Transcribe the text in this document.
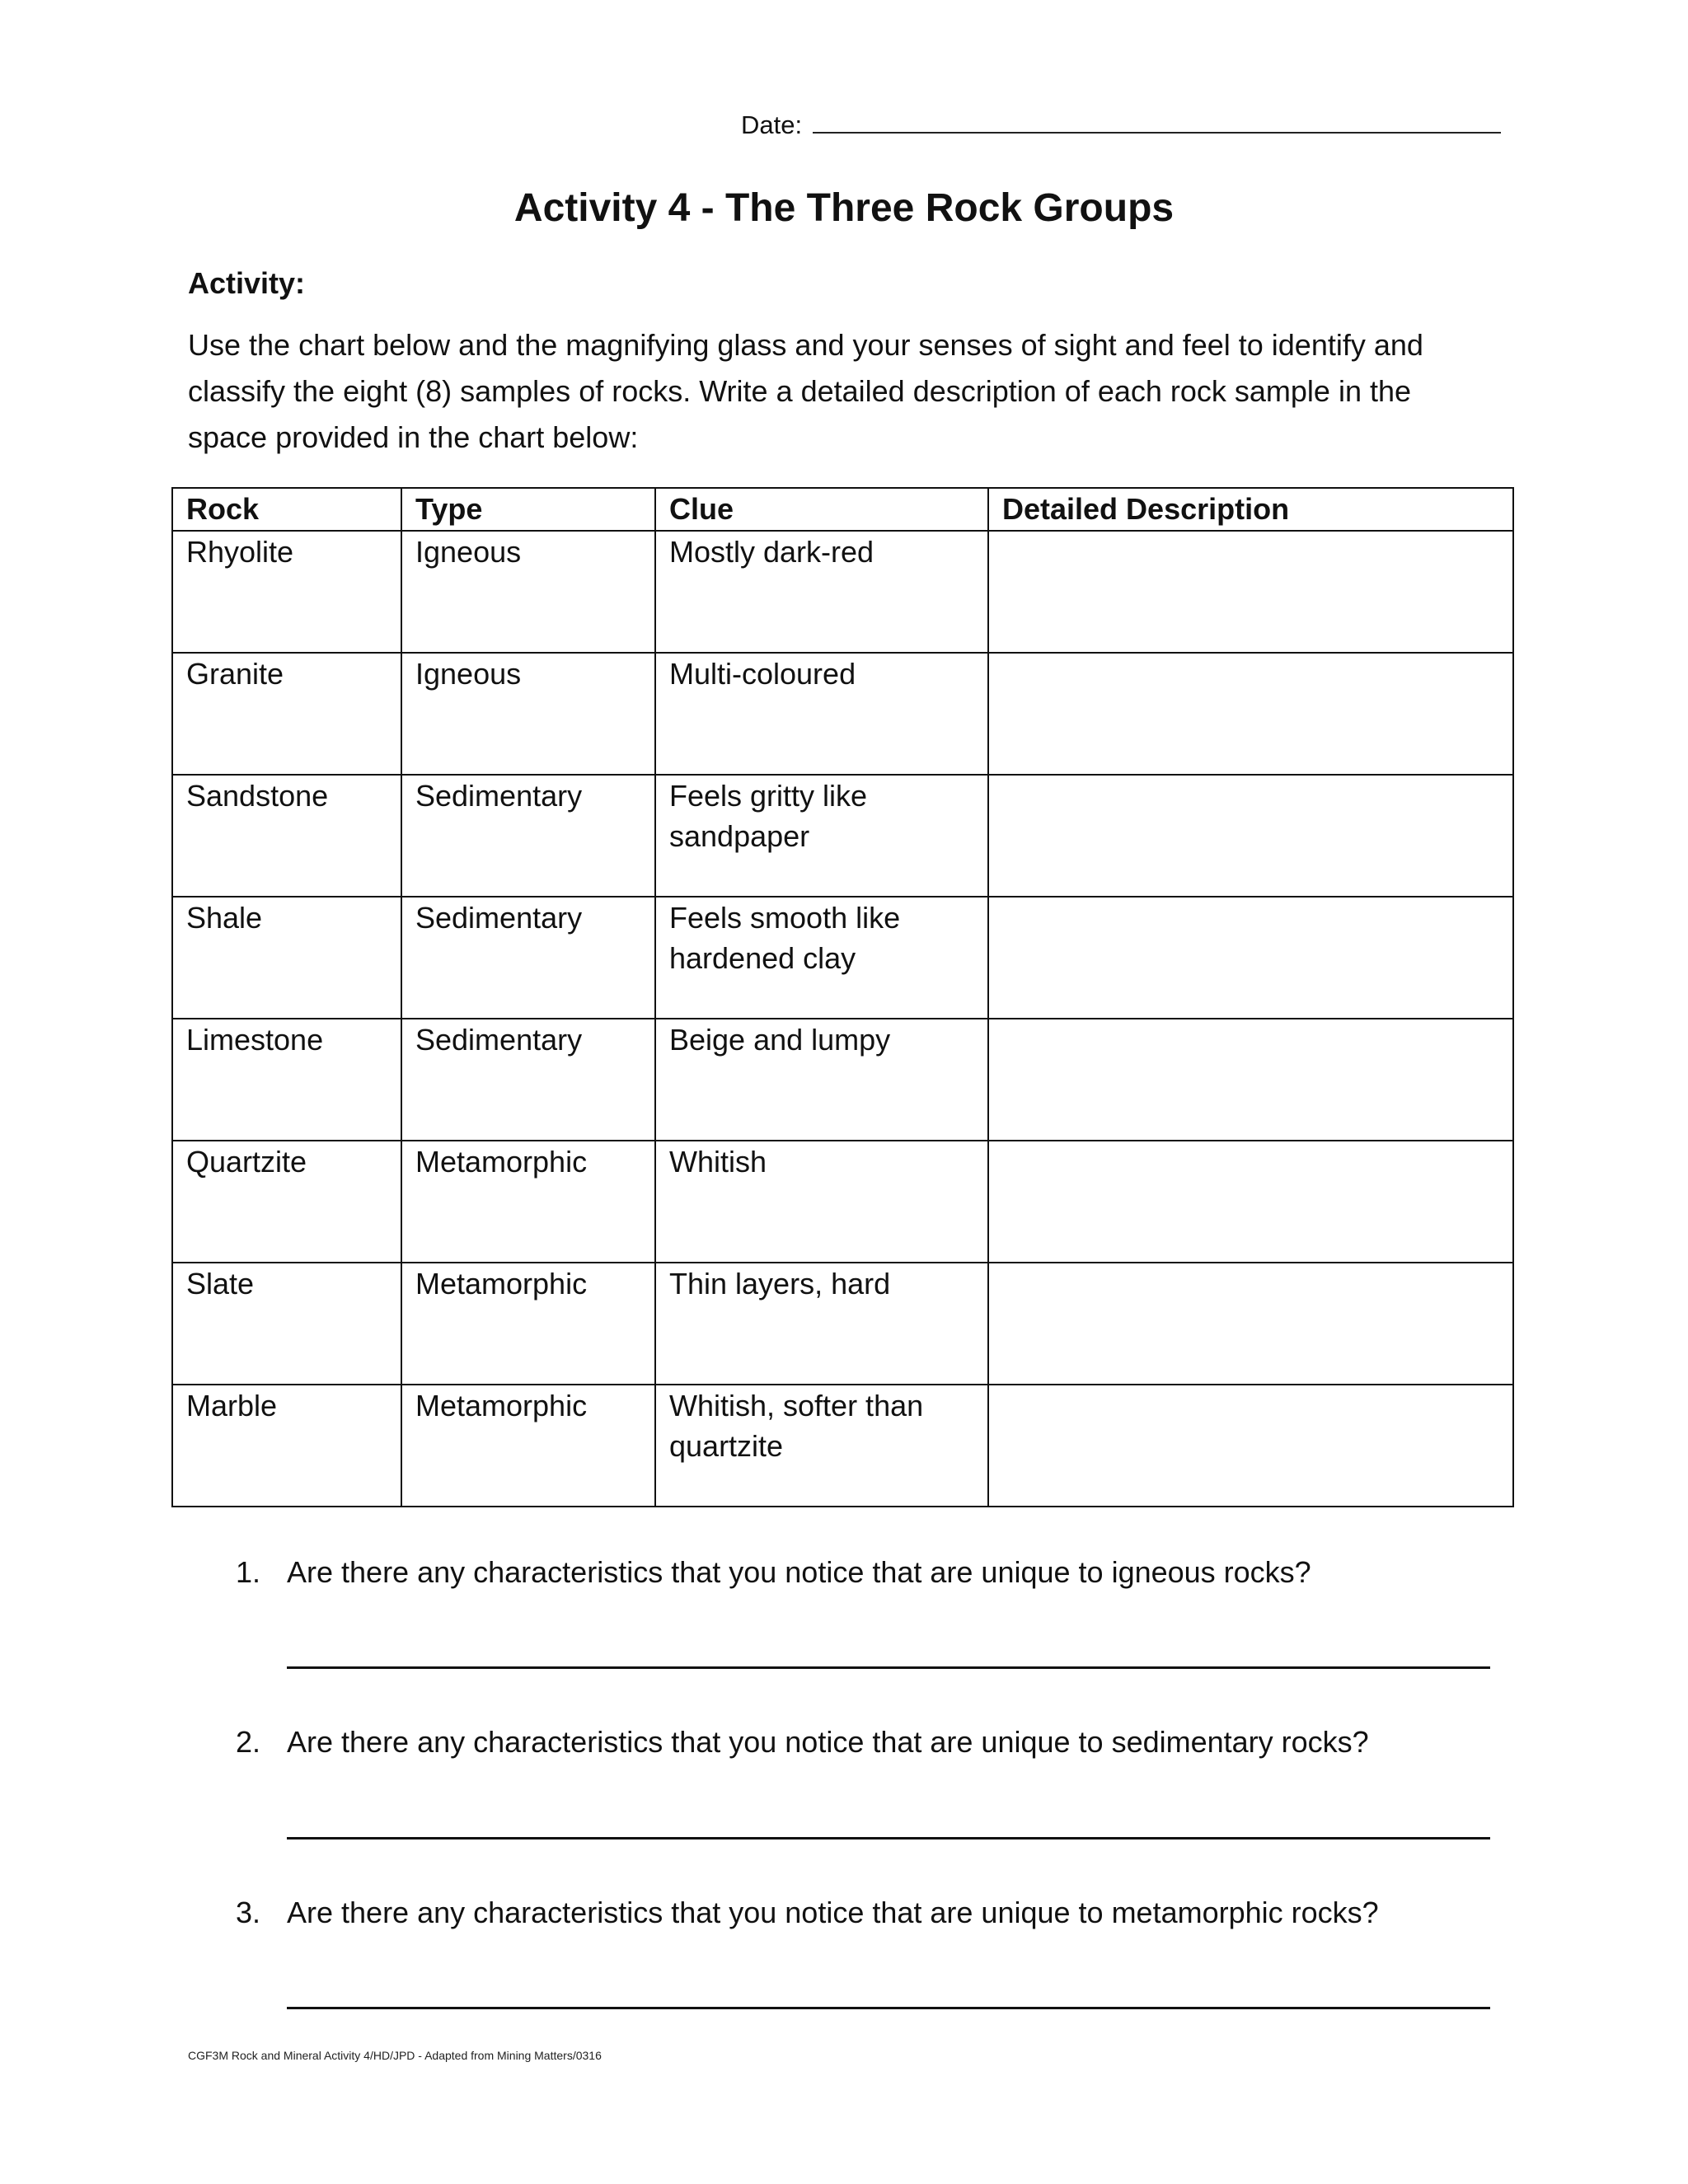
Date:
Activity 4 - The Three Rock Groups
Activity:
Use the chart below and the magnifying glass and your senses of sight and feel to identify and classify the eight (8) samples of rocks. Write a detailed description of each rock sample in the space provided in the chart below:
Rock	Type	Clue	Detailed Description
Rhyolite	Igneous	Mostly dark-red	
Granite	Igneous	Multi-coloured	
Sandstone	Sedimentary	Feels gritty like sandpaper	
Shale	Sedimentary	Feels smooth like hardened clay	
Limestone	Sedimentary	Beige and lumpy	
Quartzite	Metamorphic	Whitish	
Slate	Metamorphic	Thin layers, hard	
Marble	Metamorphic	Whitish, softer than quartzite	
1. Are there any characteristics that you notice that are unique to igneous rocks?
2. Are there any characteristics that you notice that are unique to sedimentary rocks?
3. Are there any characteristics that you notice that are unique to metamorphic rocks?
CGF3M Rock and Mineral Activity 4/HD/JPD - Adapted from Mining Matters/0316
